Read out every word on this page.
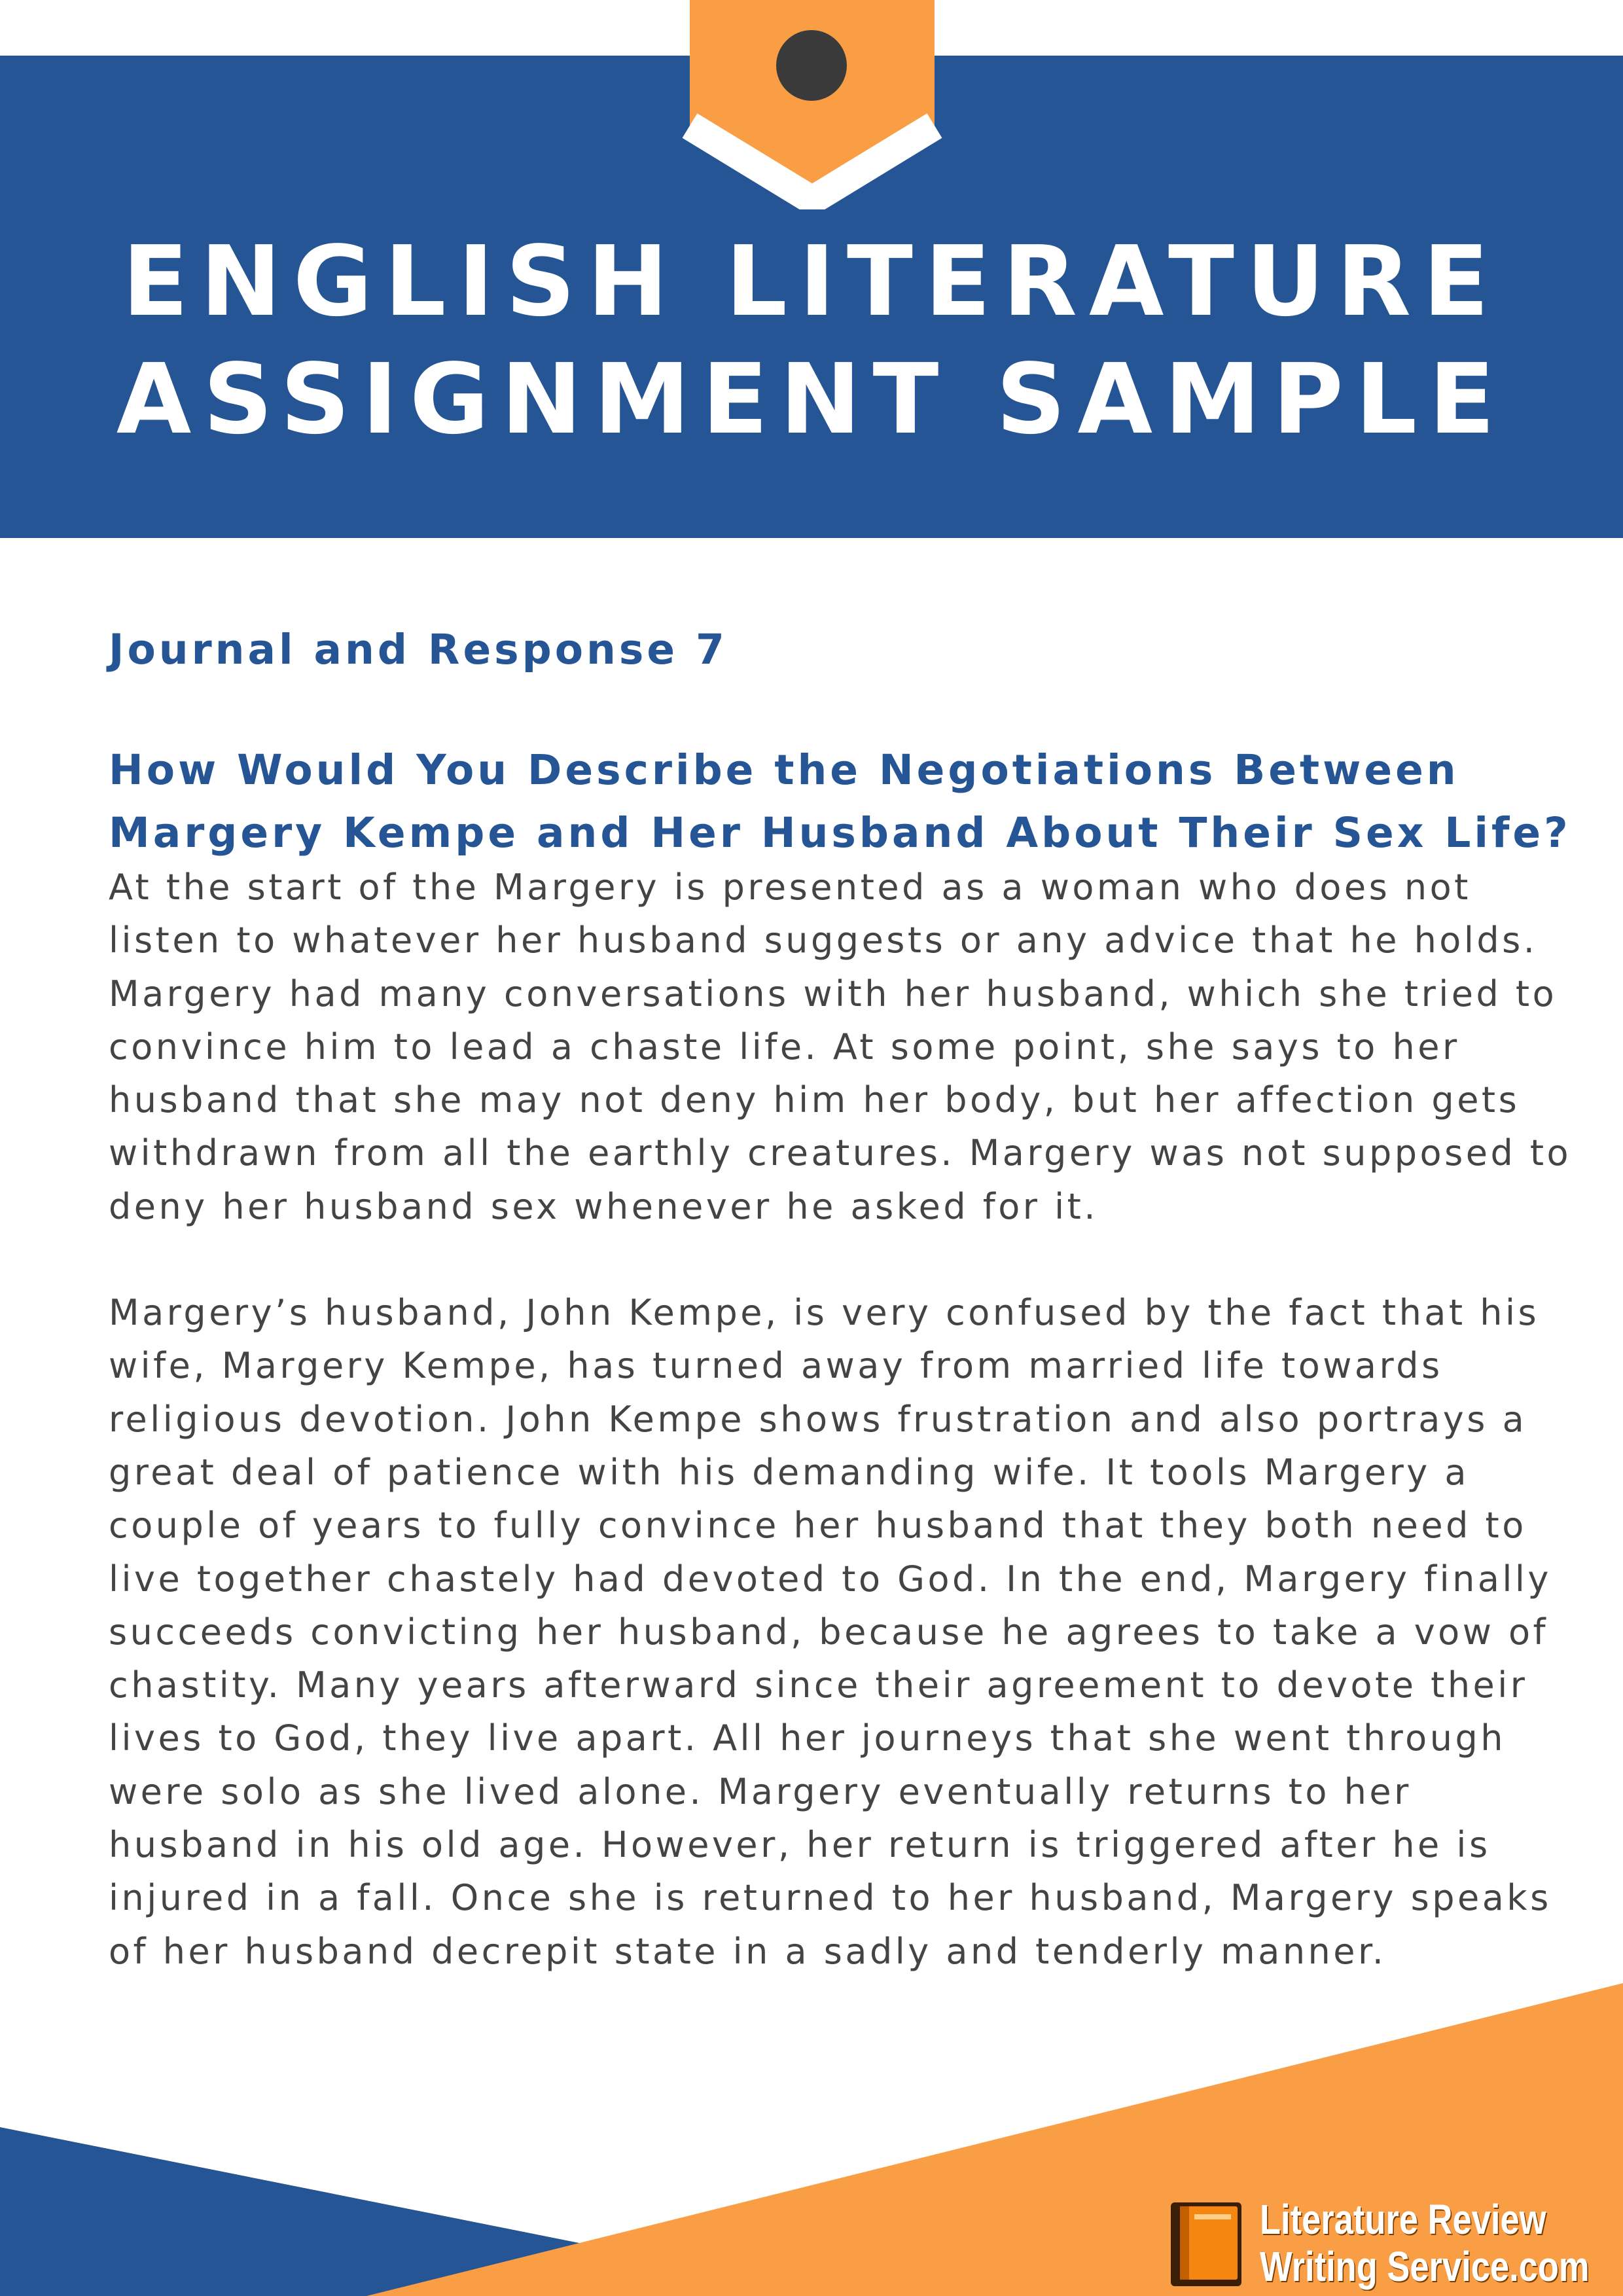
ENGLISH LITERATURE
ASSIGNMENT SAMPLE

Journal and Response 7

How Would You Describe the Negotiations Between Margery Kempe and Her Husband About Their Sex Life?

At the start of the Margery is presented as a woman who does not listen to whatever her husband suggests or any advice that he holds. Margery had many conversations with her husband, which she tried to convince him to lead a chaste life. At some point, she says to her husband that she may not deny him her body, but her affection gets withdrawn from all the earthly creatures. Margery was not supposed to deny her husband sex whenever he asked for it.

Margery’s husband, John Kempe, is very confused by the fact that his wife, Margery Kempe, has turned away from married life towards religious devotion. John Kempe shows frustration and also portrays a great deal of patience with his demanding wife. It tools Margery a couple of years to fully convince her husband that they both need to live together chastely had devoted to God. In the end, Margery finally succeeds convicting her husband, because he agrees to take a vow of chastity. Many years afterward since their agreement to devote their lives to God, they live apart. All her journeys that she went through were solo as she lived alone. Margery eventually returns to her husband in his old age. However, her return is triggered after he is injured in a fall. Once she is returned to her husband, Margery speaks of her husband decrepit state in a sadly and tenderly manner.

Literature Review
Writing Service.com
